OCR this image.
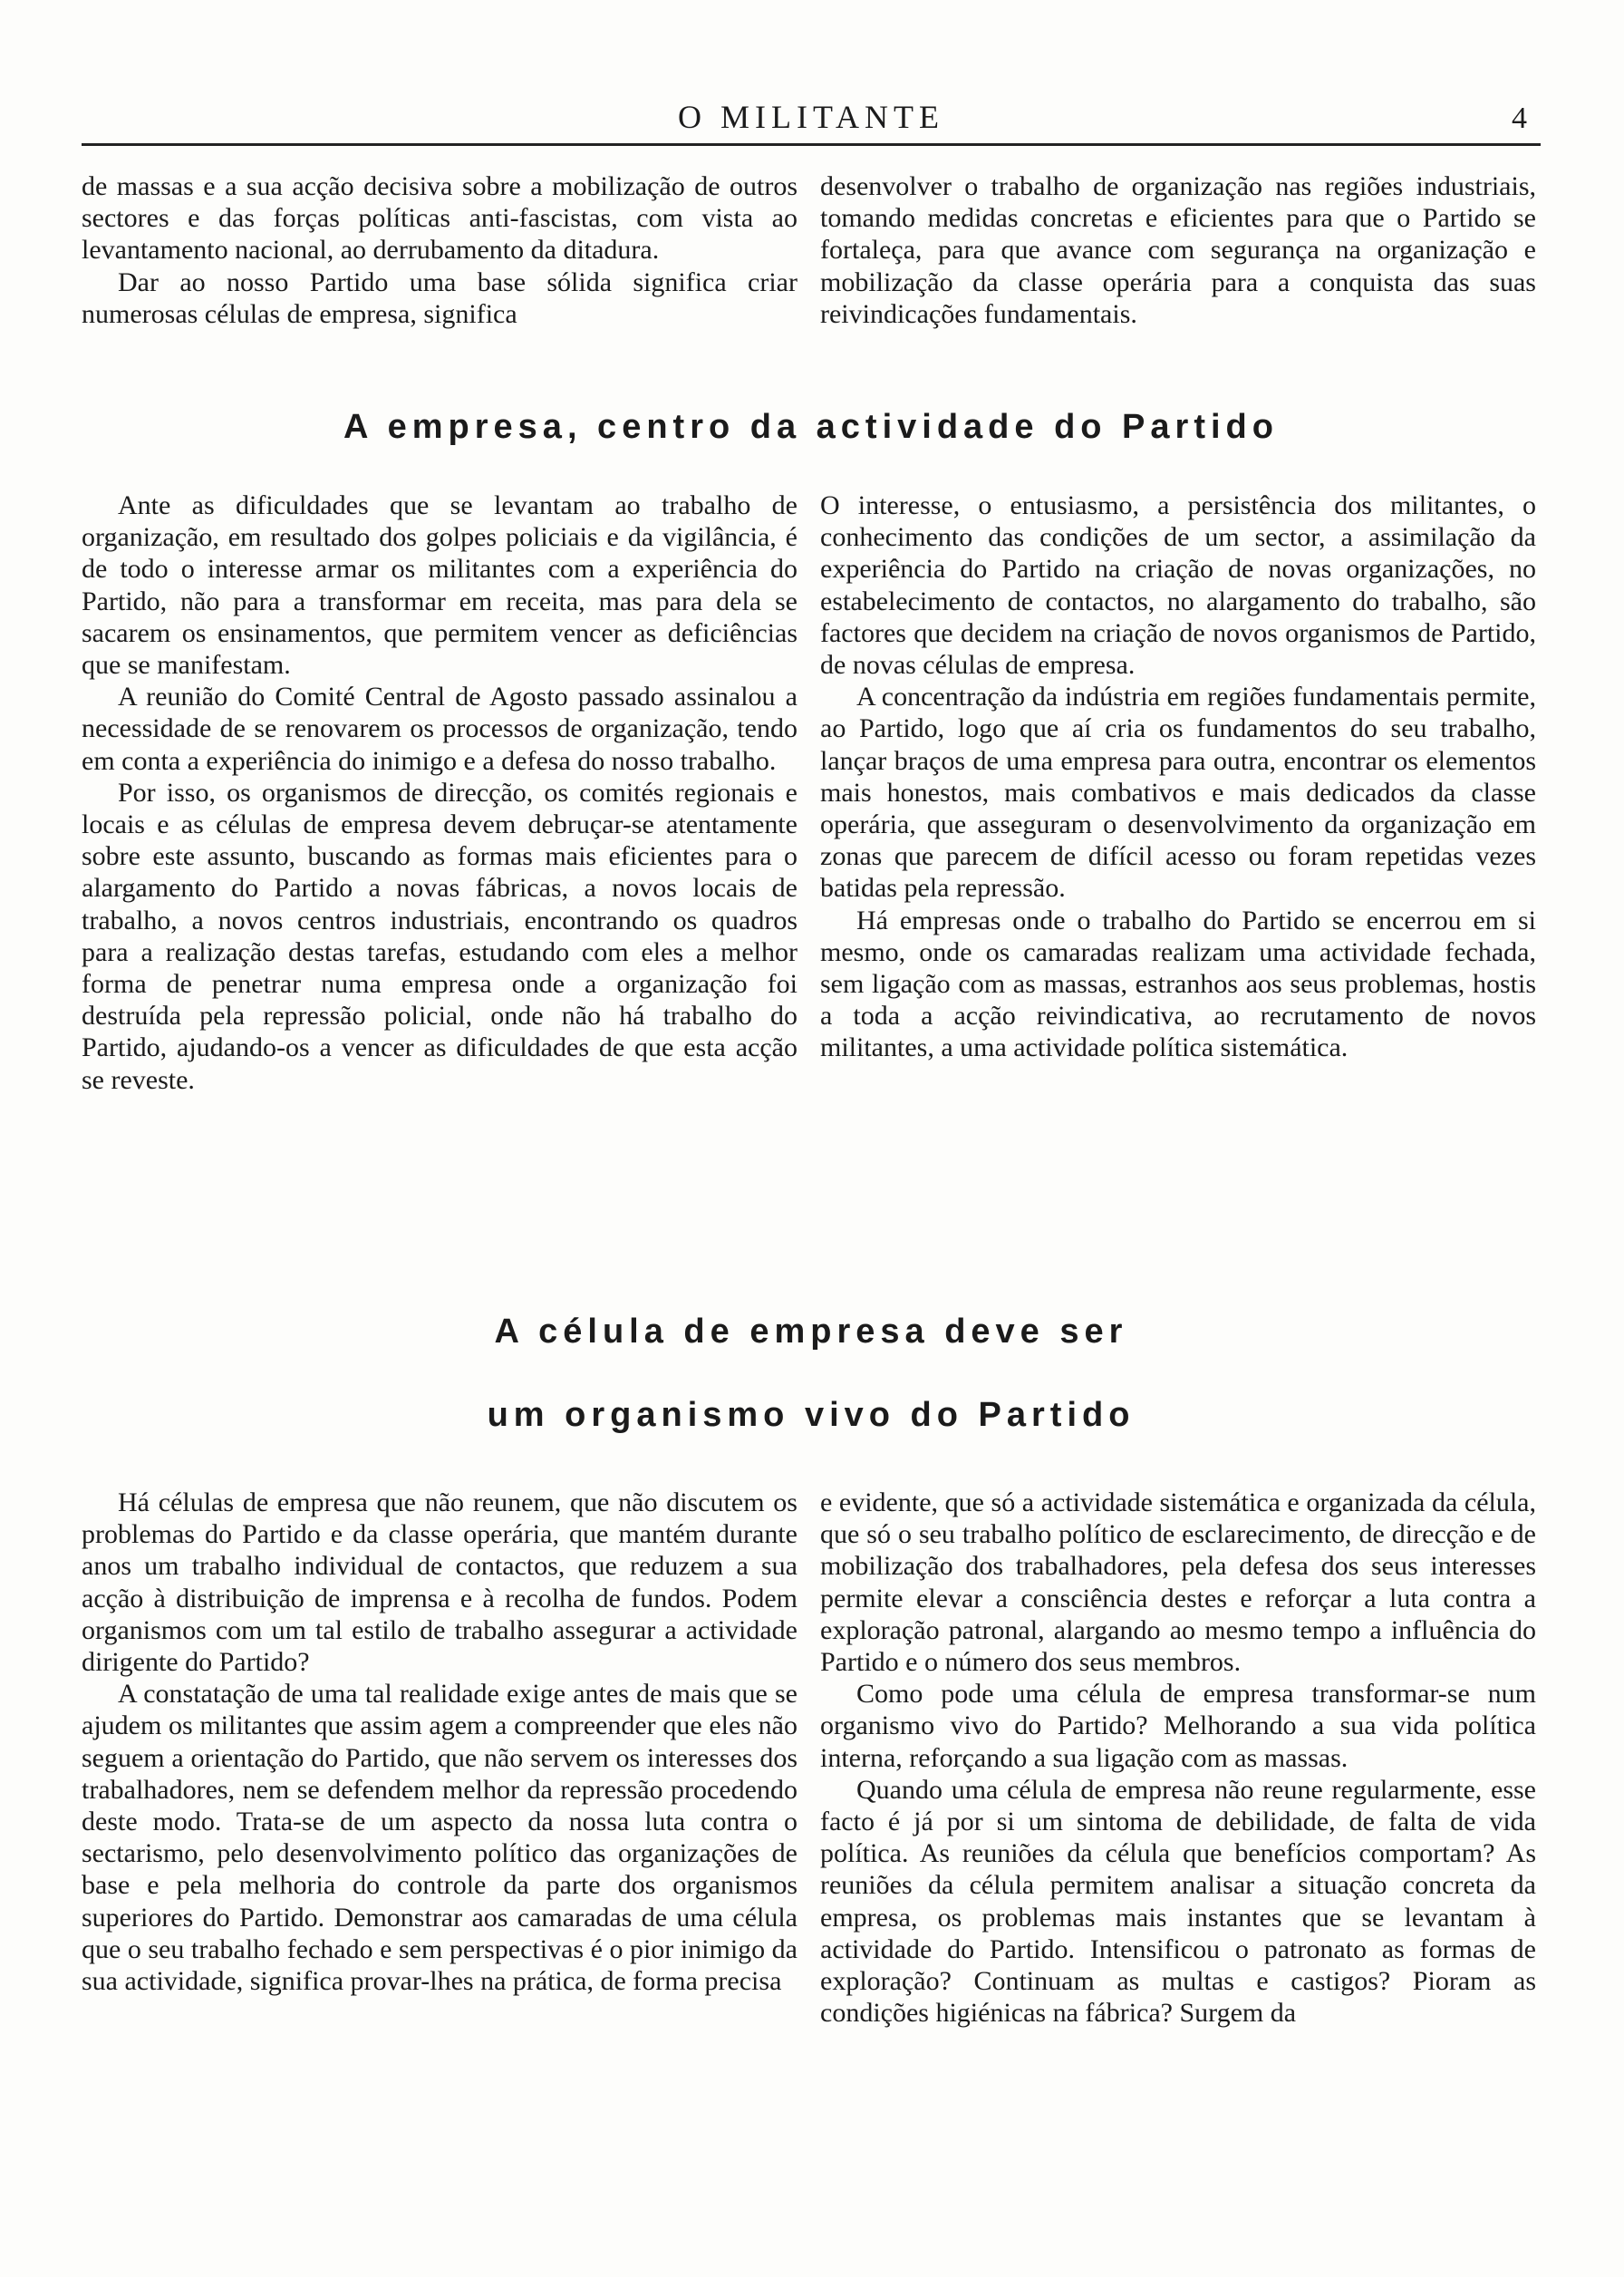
O MILITANTE	4

de massas e a sua acção decisiva sobre a mobilização de outros sectores e das forças políticas anti-fascistas, com vista ao levantamento nacional, ao derrubamento da ditadura.

Dar ao nosso Partido uma base sólida significa criar numerosas células de empresa, significa

desenvolver o trabalho de organização nas regiões industriais, tomando medidas concretas e eficientes para que o Partido se fortaleça, para que avance com segurança na organização e mobilização da classe operária para a conquista das suas reivindicações fundamentais.

A empresa, centro da actividade do Partido

Ante as dificuldades que se levantam ao trabalho de organização, em resultado dos golpes policiais e da vigilância, é de todo o interesse armar os militantes com a experiência do Partido, não para a transformar em receita, mas para dela se sacarem os ensinamentos, que permitem vencer as deficiências que se manifestam.

A reunião do Comité Central de Agosto passado assinalou a necessidade de se renovarem os processos de organização, tendo em conta a experiência do inimigo e a defesa do nosso trabalho.

Por isso, os organismos de direcção, os comités regionais e locais e as células de empresa devem debruçar-se atentamente sobre este assunto, buscando as formas mais eficientes para o alargamento do Partido a novas fábricas, a novos locais de trabalho, a novos centros industriais, encontrando os quadros para a realização destas tarefas, estudando com eles a melhor forma de penetrar numa empresa onde a organização foi destruída pela repressão policial, onde não há trabalho do Partido, ajudando-os a vencer as dificuldades de que esta acção se reveste.

O interesse, o entusiasmo, a persistência dos militantes, o conhecimento das condições de um sector, a assimilação da experiência do Partido na criação de novas organizações, no estabelecimento de contactos, no alargamento do trabalho, são factores que decidem na criação de novos organismos de Partido, de novas células de empresa.

A concentração da indústria em regiões fundamentais permite, ao Partido, logo que aí cria os fundamentos do seu trabalho, lançar braços de uma empresa para outra, encontrar os elementos mais honestos, mais combativos e mais dedicados da classe operária, que asseguram o desenvolvimento da organização em zonas que parecem de difícil acesso ou foram repetidas vezes batidas pela repressão.

Há empresas onde o trabalho do Partido se encerrou em si mesmo, onde os camaradas realizam uma actividade fechada, sem ligação com as massas, estranhos aos seus problemas, hostis a toda a acção reivindicativa, ao recrutamento de novos militantes, a uma actividade política sistemática.

A célula de empresa deve ser
um organismo vivo do Partido

Há células de empresa que não reunem, que não discutem os problemas do Partido e da classe operária, que mantém durante anos um trabalho individual de contactos, que reduzem a sua acção à distribuição de imprensa e à recolha de fundos. Podem organismos com um tal estilo de trabalho assegurar a actividade dirigente do Partido?

A constatação de uma tal realidade exige antes de mais que se ajudem os militantes que assim agem a compreender que eles não seguem a orientação do Partido, que não servem os interesses dos trabalhadores, nem se defendem melhor da repressão procedendo deste modo. Trata-se de um aspecto da nossa luta contra o sectarismo, pelo desenvolvimento político das organizações de base e pela melhoria do controle da parte dos organismos superiores do Partido. Demonstrar aos camaradas de uma célula que o seu trabalho fechado e sem perspectivas é o pior inimigo da sua actividade, significa provar-lhes na prática, de forma precisa

e evidente, que só a actividade sistemática e organizada da célula, que só o seu trabalho político de esclarecimento, de direcção e de mobilização dos trabalhadores, pela defesa dos seus interesses permite elevar a consciência destes e reforçar a luta contra a exploração patronal, alargando ao mesmo tempo a influência do Partido e o número dos seus membros.

Como pode uma célula de empresa transformar-se num organismo vivo do Partido? Melhorando a sua vida política interna, reforçando a sua ligação com as massas.

Quando uma célula de empresa não reune regularmente, esse facto é já por si um sintoma de debilidade, de falta de vida política. As reuniões da célula que benefícios comportam? As reuniões da célula permitem analisar a situação concreta da empresa, os problemas mais instantes que se levantam à actividade do Partido. Intensificou o patronato as formas de exploração? Continuam as multas e castigos? Pioram as condições higiénicas na fábrica? Surgem da
